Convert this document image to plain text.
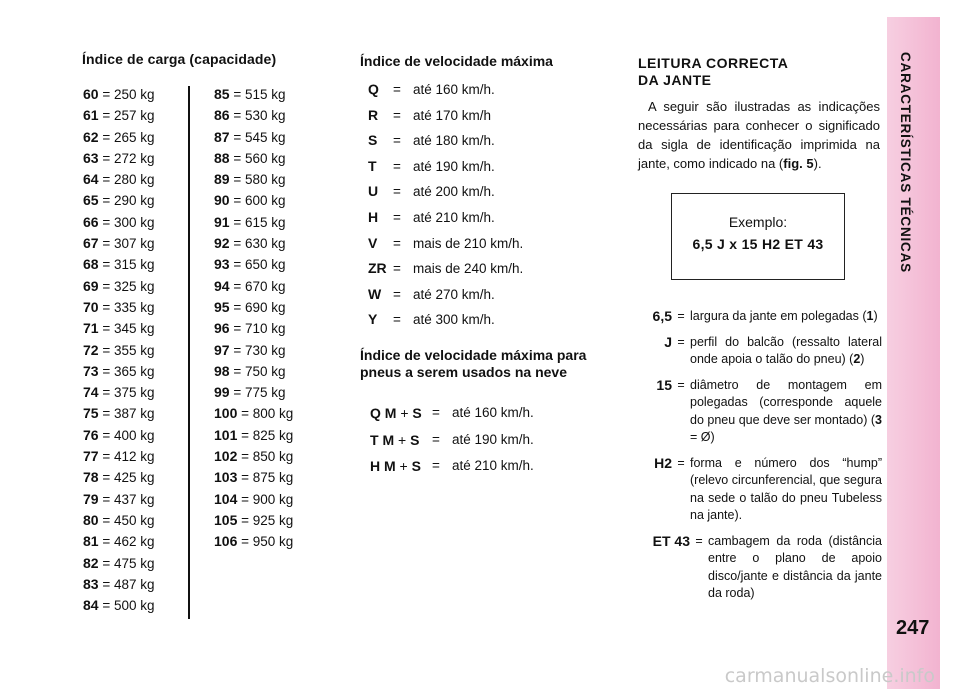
Índice de carga (capacidade)
60 = 250 kg
61 = 257 kg
62 = 265 kg
63 = 272 kg
64 = 280 kg
65 = 290 kg
66 = 300 kg
67 = 307 kg
68 = 315 kg
69 = 325 kg
70 = 335 kg
71 = 345 kg
72 = 355 kg
73 = 365 kg
74 = 375 kg
75 = 387 kg
76 = 400 kg
77 = 412 kg
78 = 425 kg
79 = 437 kg
80 = 450 kg
81 = 462 kg
82 = 475 kg
83 = 487 kg
84 = 500 kg
85 = 515 kg
86 = 530 kg
87 = 545 kg
88 = 560 kg
89 = 580 kg
90 = 600 kg
91 = 615 kg
92 = 630 kg
93 = 650 kg
94 = 670 kg
95 = 690 kg
96 = 710 kg
97 = 730 kg
98 = 750 kg
99 = 775 kg
100 = 800 kg
101 = 825 kg
102 = 850 kg
103 = 875 kg
104 = 900 kg
105 = 925 kg
106 = 950 kg
Índice de velocidade máxima
Q	= até 160 km/h.
R	= até 170 km/h
S	= até 180 km/h.
T	= até 190 km/h.
U	= até 200 km/h.
H	= até 210 km/h.
V	= mais de 210 km/h.
ZR = mais de 240 km/h.
W = até 270 km/h.
Y	= até 300 km/h.
Índice de velocidade máxima para pneus a serem usados na neve
Q M + S = até 160 km/h.
T M + S = até 190 km/h.
H M + S = até 210 km/h.
LEITURA CORRECTA
DA JANTE
A seguir são ilustradas as indicações necessárias para conhecer o significado da sigla de identificação imprimida na jante, como indicado na (fig. 5).
Exemplo:
6,5 J x 15 H2 ET 43
6,5 = largura da jante em polegadas (1)
J = perfil do balcão (ressalto lateral onde apoia o talão do pneu) (2)
15 = diâmetro de montagem em polegadas (corresponde aquele do pneu que deve ser montado) (3 = Ø)
H2 = forma e número dos “hump” (relevo circunferencial, que segura na sede o talão do pneu Tubeless na jante).
ET 43 = cambagem da roda (distância entre o plano de apoio disco/jante e distância da jante da roda)
CARACTERÍSTICAS TÉCNICAS
247
carmanualsonline.info
